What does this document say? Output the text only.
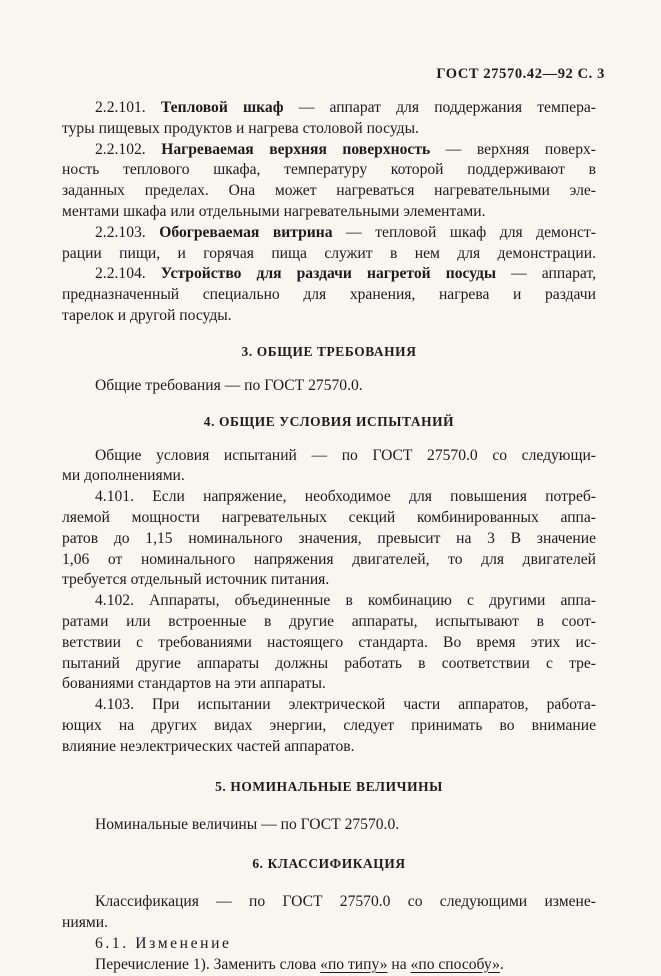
ГОСТ 27570.42—92 С. 3
2.2.101. Тепловой шкаф — аппарат для поддержания темпера-
туры пищевых продуктов и нагрева столовой посуды.
2.2.102. Нагреваемая верхняя поверхность — верхняя поверх-
ность теплового шкафа, температуру которой поддерживают в
заданных пределах. Она может нагреваться нагревательными эле-
ментами шкафа или отдельными нагревательными элементами.
2.2.103. Обогреваемая витрина — тепловой шкаф для демонст-
рации пищи, и горячая пища служит в нем для демонстрации.
2.2.104. Устройство для раздачи нагретой посуды — аппарат,
предназначенный специально для хранения, нагрева и раздачи
тарелок и другой посуды.
3. ОБЩИЕ ТРЕБОВАНИЯ
Общие требования — по ГОСТ 27570.0.
4. ОБЩИЕ УСЛОВИЯ ИСПЫТАНИЙ
Общие условия испытаний — по ГОСТ 27570.0 со следующи-
ми дополнениями.
4.101. Если напряжение, необходимое для повышения потреб-
ляемой мощности нагревательных секций комбинированных аппа-
ратов до 1,15 номинального значения, превысит на 3 В значение
1,06 от номинального напряжения двигателей, то для двигателей
требуется отдельный источник питания.
4.102. Аппараты, объединенные в комбинацию с другими аппа-
ратами или встроенные в другие аппараты, испытывают в соот-
ветствии с требованиями настоящего стандарта. Во время этих ис-
пытаний другие аппараты должны работать в соответствии с тре-
бованиями стандартов на эти аппараты.
4.103. При испытании электрической части аппаратов, работа-
ющих на других видах энергии, следует принимать во внимание
влияние неэлектрических частей аппаратов.
5. НОМИНАЛЬНЫЕ ВЕЛИЧИНЫ
Номинальные величины — по ГОСТ 27570.0.
6. КЛАССИФИКАЦИЯ
Классификация — по ГОСТ 27570.0 со следующими измене-
ниями.
6.1. Изменение
Перечисление 1). Заменить слова «по типу» на «по способу».
